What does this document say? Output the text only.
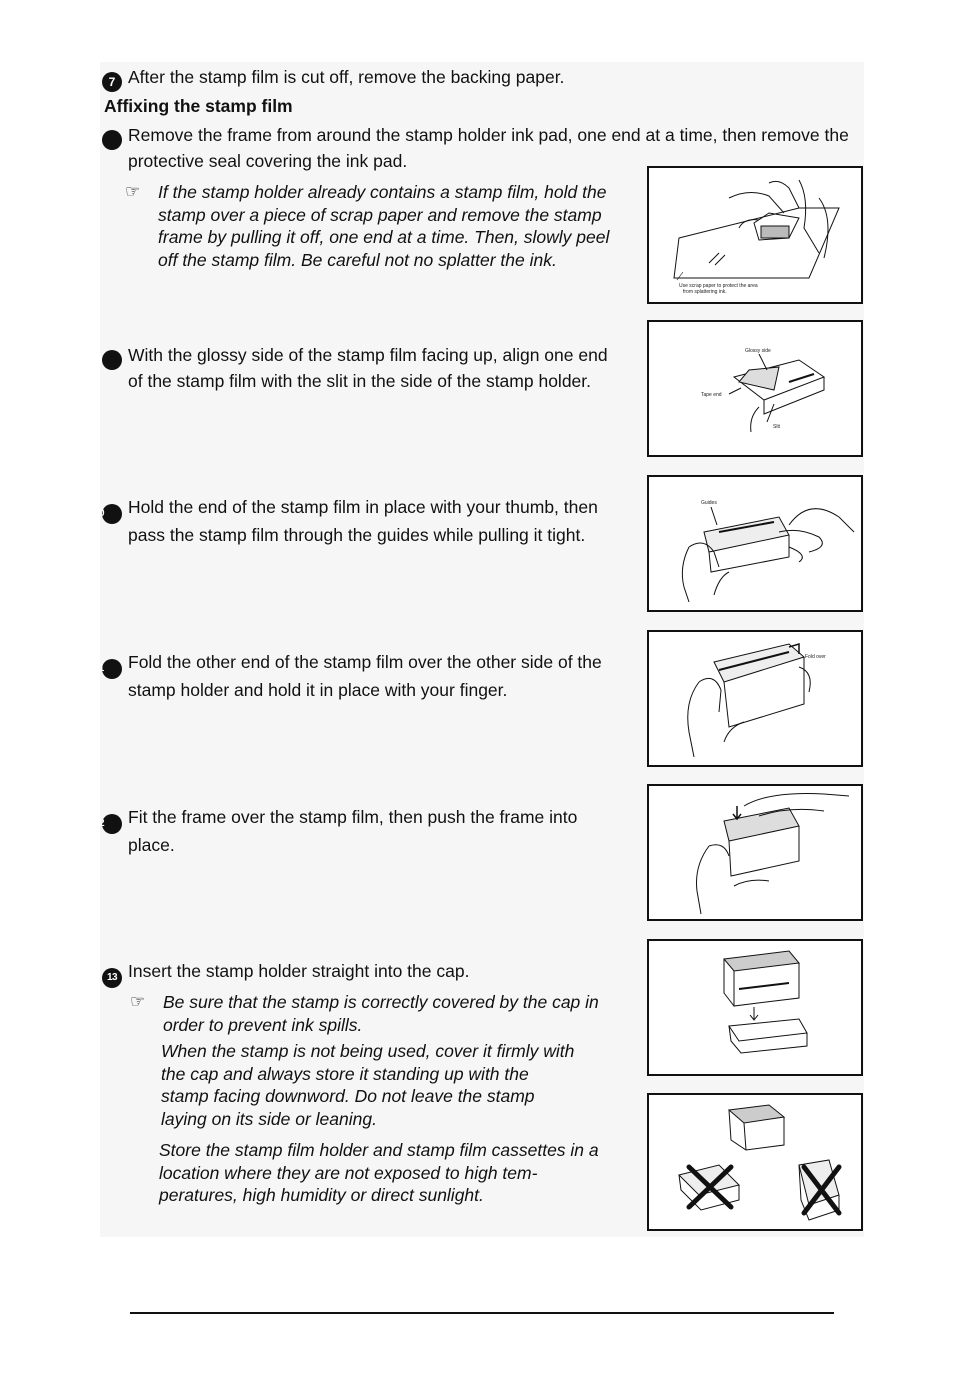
7 After the stamp film is cut off, remove the backing paper.
Affixing the stamp film
8 Remove the frame from around the stamp holder ink pad, one end at a time, then remove the protective seal covering the ink pad.
☞ If the stamp holder already contains a stamp film, hold the stamp over a piece of scrap paper and remove the stamp frame by pulling it off, one end at a time. Then, slowly peel off the stamp film. Be careful not no splatter the ink.
Use scrap paper to protect the area
from splattering ink.
9 With the glossy side of the stamp film facing up, align one end of the stamp film with the slit in the side of the stamp holder.
Glossy side
Tape end
Slit
10 Hold the end of the stamp film in place with your thumb, then pass the stamp film through the guides while pulling it tight.
Guides
11 Fold the other end of the stamp film over the other side of the stamp holder and hold it in place with your finger.
Fold over
12 Fit the frame over the stamp film, then push the frame into place.
13 Insert the stamp holder straight into the cap.
☞ Be sure that the stamp is correctly covered by the cap in order to prevent ink spills.
When the stamp is not being used, cover it firmly with the cap and always store it standing up with the stamp facing downword. Do not leave the stamp laying on its side or leaning.
Store the stamp film holder and stamp film cassettes in a location where they are not exposed to high tem-peratures, high humidity or direct sunlight.
